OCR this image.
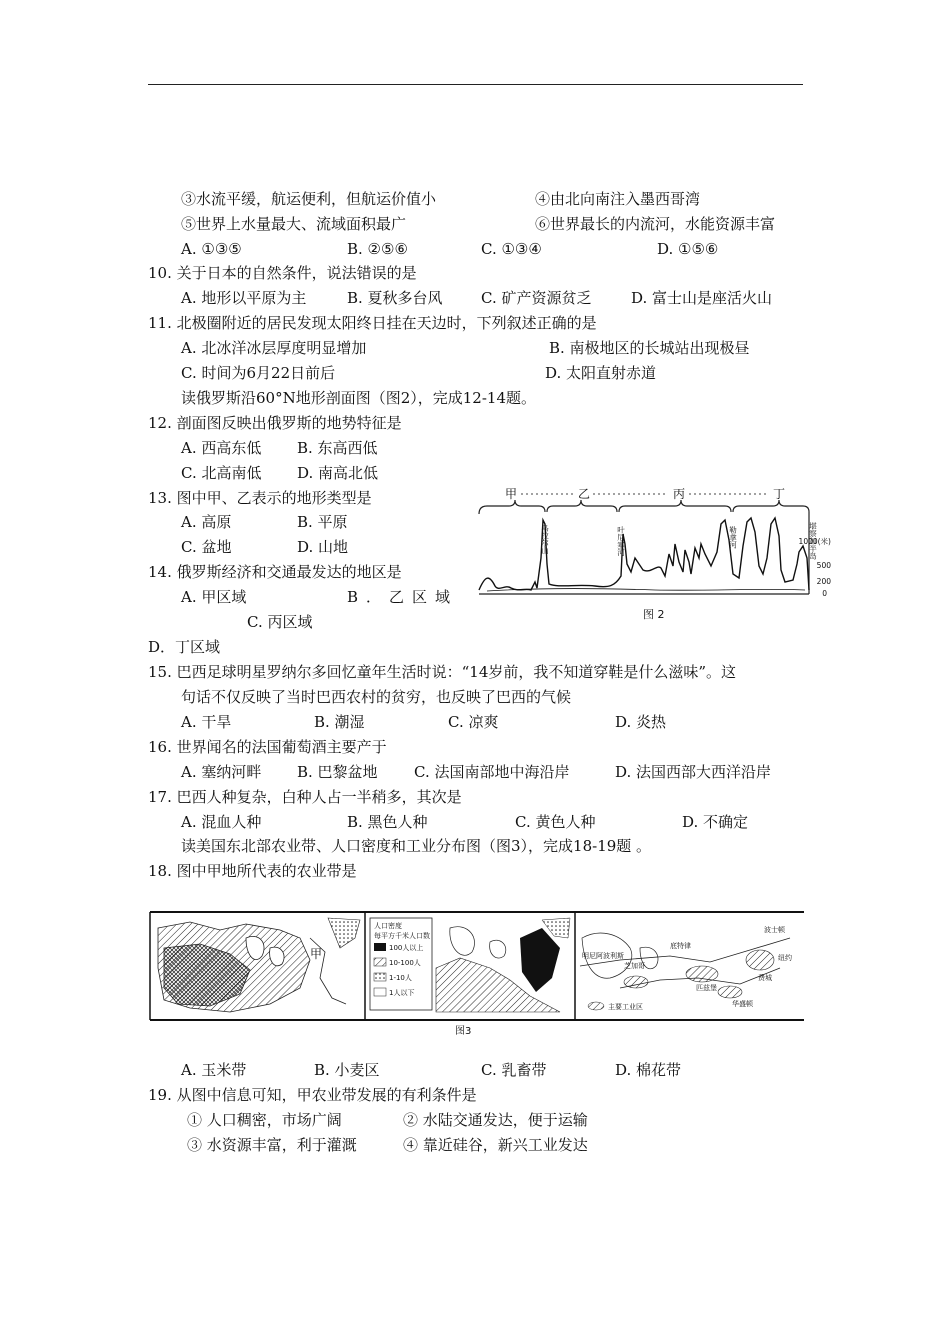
③水流平缓，航运便利，但航运价值小	④由北向南注入墨西哥湾
⑤世界上水量最大、流域面积最广	⑥世界最长的内流河，水能资源丰富
A. ①③⑤	B. ②⑤⑥	C. ①③④	D. ①⑤⑥
10. 关于日本的自然条件，说法错误的是
A. 地形以平原为主	B. 夏秋多台风	C. 矿产资源贫乏	D. 富士山是座活火山
11. 北极圈附近的居民发现太阳终日挂在天边时，下列叙述正确的是
A. 北冰洋冰层厚度明显增加	B. 南极地区的长城站出现极昼
C. 时间为6月22日前后	D. 太阳直射赤道
读俄罗斯沿60°N地形剖面图（图2），完成12-14题。
12. 剖面图反映出俄罗斯的地势特征是
A. 西高东低 B. 东高西低
C. 北高南低 D. 南高北低
13. 图中甲、乙表示的地形类型是
A. 高原	B. 平原
C. 盆地	D. 山地
14. 俄罗斯经济和交通最发达的地区是
A. 甲区域	B．乙区域
C. 丙区域
D．丁区域
甲	乙	丙	丁
乌拉尔山	叶尼塞河	勒拿河	堪察加半岛
1000(米)
500
200
0
图 2
15. 巴西足球明星罗纳尔多回忆童年生活时说：“14岁前，我不知道穿鞋是什么滋味”。这
句话不仅反映了当时巴西农村的贫穷，也反映了巴西的气候
A. 干旱	B. 潮湿	C. 凉爽	D. 炎热
16. 世界闻名的法国葡萄酒主要产于
A. 塞纳河畔 B. 巴黎盆地 C. 法国南部地中海沿岸	D. 法国西部大西洋沿岸
17. 巴西人种复杂，白种人占一半稍多，其次是
A. 混血人种	B. 黑色人种	C. 黄色人种	D. 不确定
读美国东北部农业带、人口密度和工业分布图（图3），完成18-19题 。
18. 图中甲地所代表的农业带是
甲
人口密度
每平方千米人口数
100人以上
10-100人
1-10人
1人以下
明尼阿波利斯
芝加哥
底特律
匹兹堡
波士顿
纽约
费城
华盛顿
主要工业区
图3
A. 玉米带	B. 小麦区	C. 乳畜带	D. 棉花带
19. 从图中信息可知，甲农业带发展的有利条件是
① 人口稠密，市场广阔	② 水陆交通发达，便于运输
③ 水资源丰富，利于灌溉	④ 靠近硅谷，新兴工业发达
